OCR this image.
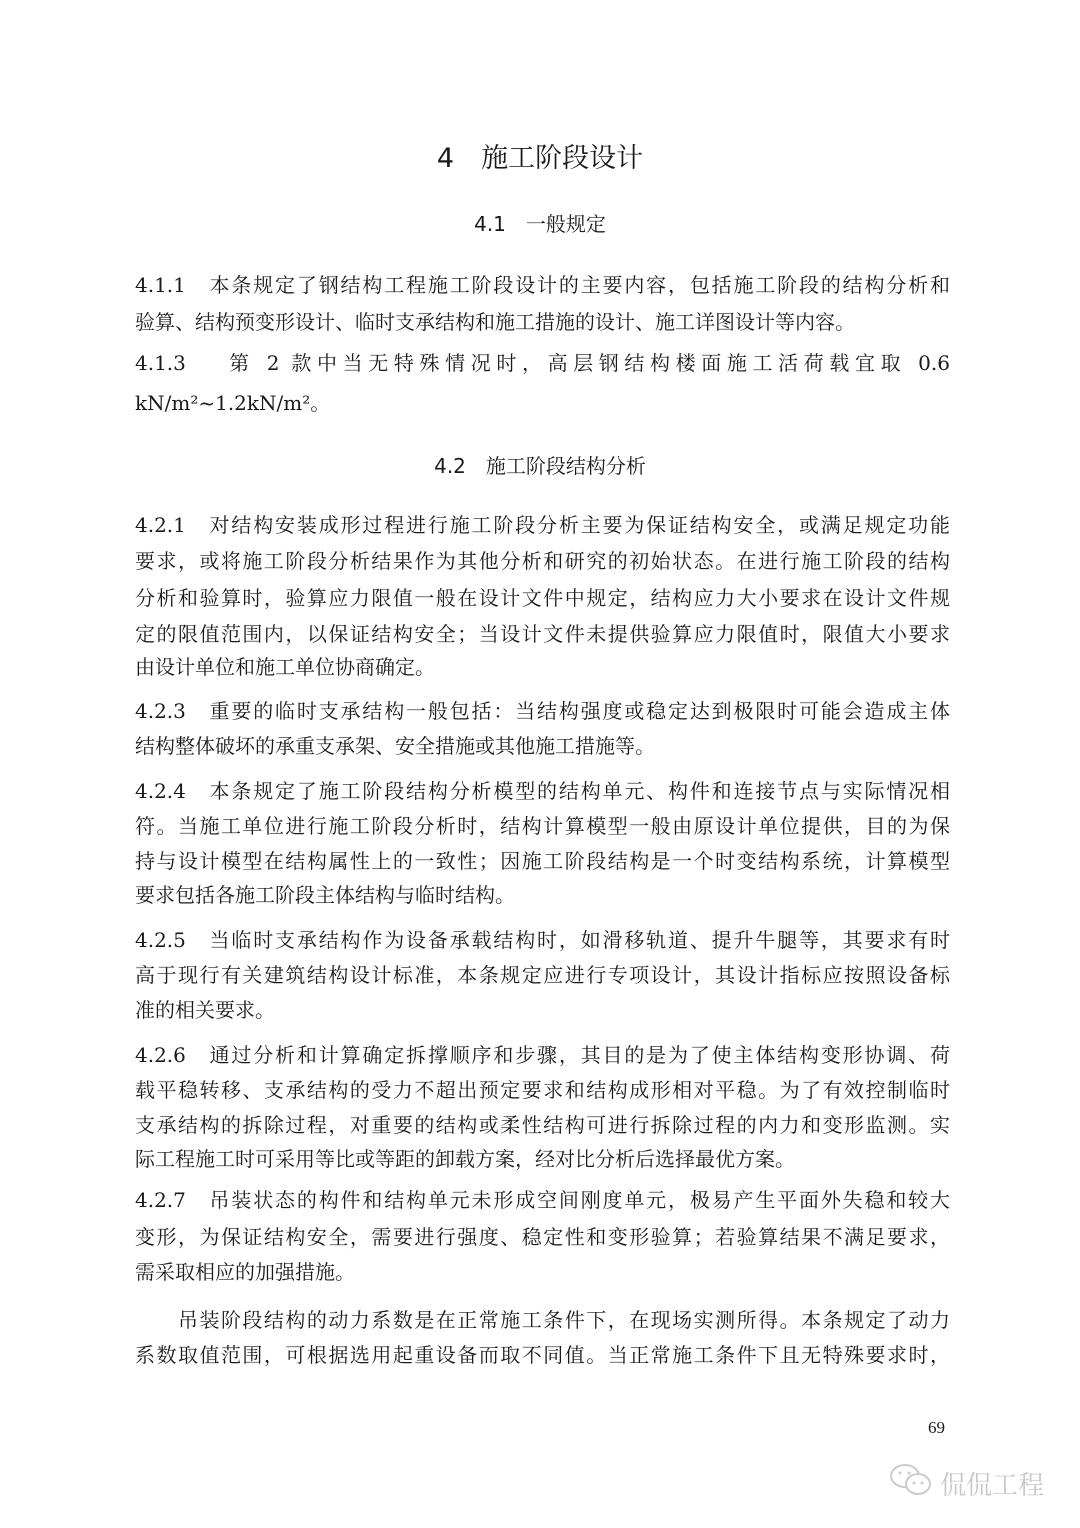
4　施工阶段设计
4.1　一般规定
4.1.1　本条规定了钢结构工程施工阶段设计的主要内容，包括施工阶段的结构分析和
验算、结构预变形设计、临时支承结构和施工措施的设计、施工详图设计等内容。
4.1.3　 第 2 款中当无特殊情况时，高层钢结构楼面施工活荷载宜取 0.6
kN/m²~1.2kN/m²。
4.2　施工阶段结构分析
4.2.1　对结构安装成形过程进行施工阶段分析主要为保证结构安全，或满足规定功能
要求，或将施工阶段分析结果作为其他分析和研究的初始状态。在进行施工阶段的结构
分析和验算时，验算应力限值一般在设计文件中规定，结构应力大小要求在设计文件规
定的限值范围内，以保证结构安全；当设计文件未提供验算应力限值时，限值大小要求
由设计单位和施工单位协商确定。
4.2.3　重要的临时支承结构一般包括：当结构强度或稳定达到极限时可能会造成主体
结构整体破坏的承重支承架、安全措施或其他施工措施等。
4.2.4　本条规定了施工阶段结构分析模型的结构单元、构件和连接节点与实际情况相
符。当施工单位进行施工阶段分析时，结构计算模型一般由原设计单位提供，目的为保
持与设计模型在结构属性上的一致性；因施工阶段结构是一个时变结构系统，计算模型
要求包括各施工阶段主体结构与临时结构。
4.2.5　当临时支承结构作为设备承载结构时，如滑移轨道、提升牛腿等，其要求有时
高于现行有关建筑结构设计标准，本条规定应进行专项设计，其设计指标应按照设备标
准的相关要求。
4.2.6　通过分析和计算确定拆撑顺序和步骤，其目的是为了使主体结构变形协调、荷
载平稳转移、支承结构的受力不超出预定要求和结构成形相对平稳。为了有效控制临时
支承结构的拆除过程，对重要的结构或柔性结构可进行拆除过程的内力和变形监测。实
际工程施工时可采用等比或等距的卸载方案，经对比分析后选择最优方案。
4.2.7　吊装状态的构件和结构单元未形成空间刚度单元，极易产生平面外失稳和较大
变形，为保证结构安全，需要进行强度、稳定性和变形验算；若验算结果不满足要求，
需采取相应的加强措施。
　　吊装阶段结构的动力系数是在正常施工条件下，在现场实测所得。本条规定了动力
系数取值范围，可根据选用起重设备而取不同值。当正常施工条件下且无特殊要求时，
69
侃侃工程
